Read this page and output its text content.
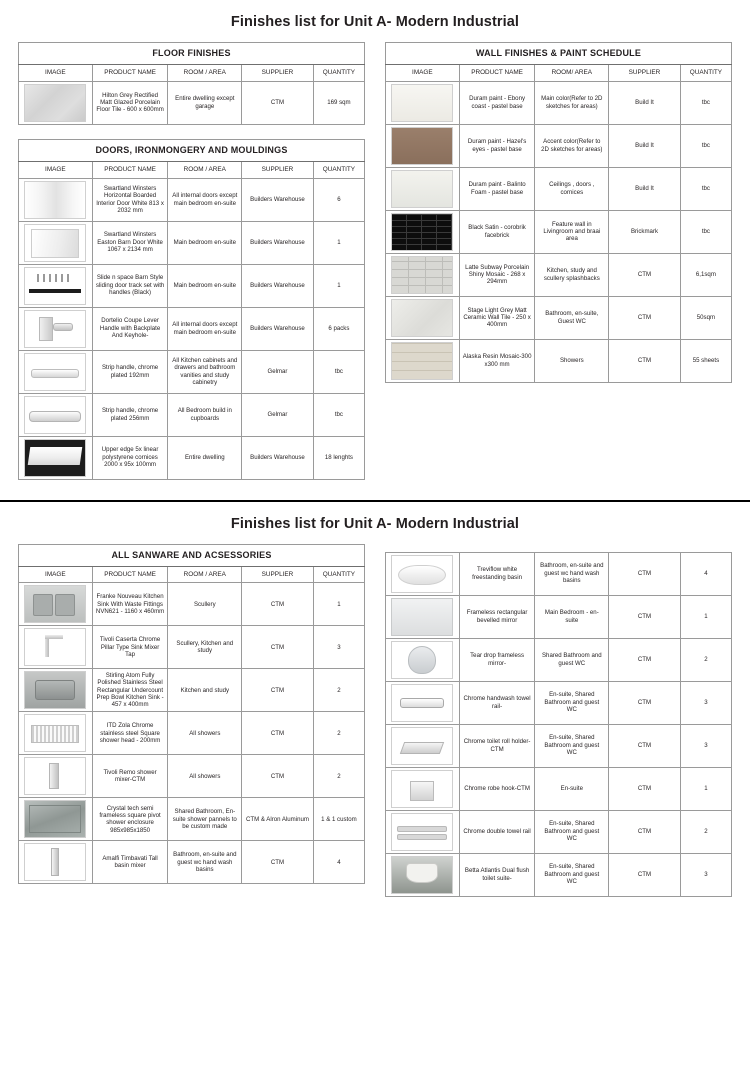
Finishes list for Unit A- Modern Industrial
FLOOR FINISHES				
IMAGE	PRODUCT NAME	ROOM / AREA	SUPPLIER	QUANTITY

	Hilton Grey Rectified Matt Glazed Porcelain Floor Tile - 600 x 600mm	Entire dwelling except garage	CTM	169 sqm
DOORS, IRONMONGERY AND MOULDINGS				
IMAGE	PRODUCT NAME	ROOM / AREA	SUPPLIER	QUANTITY

	Swartland Winsters Horizontal Boarded Interior Door White 813 x 2032 mm	All internal doors except main bedroom en-suite	Builders Warehouse	6

	Swartland Winsters Easton Barn Door White 1067 x 2134 mm	Main bedroom en-suite	Builders Warehouse	1

	Slide n space Barn Style sliding door track set with handles (Black)	Main bedroom en-suite	Builders Warehouse	1

	Dortelio Coupe Lever Handle with Backplate And Keyhole-	All internal doors except main bedroom en-suite	Builders Warehouse	6 packs

	Strip handle, chrome plated 192mm	All Kitchen cabinets and drawers and bathroom vanities and study cabinetry	Gelmar	tbc

	Strip handle, chrome plated 256mm	All Bedroom build in cupboards	Gelmar	tbc

	Upper edge 5x linear polystyrene cornices 2000 x 95x 100mm	Entire dwelling	Builders Warehouse	18 lenghts
WALL FINISHES & PAINT SCHEDULE				
IMAGE	PRODUCT NAME	ROOM/ AREA	SUPPLIER	QUANTITY

	Duram paint - Ebony coast - pastel base	Main color(Refer to 2D sketches for areas)	Build It	tbc

	Duram paint - Hazel's eyes - pastel base	Accent color(Refer to 2D sketches for areas)	Build It	tbc

	Duram paint - Balinto Foam - pastel base	Ceilings , doors , cornices	Build It	tbc

	Black Satin - corobrik facebrick	Feature wall in Livingroom and braai area	Brickmark	tbc

	Latte Subway Porcelain Shiny Mosaic - 268 x 294mm	Kitchen, study and scullery splashbacks	CTM	6,1sqm

	Stage Light Grey Matt Ceramic Wall Tile - 250 x 400mm	Bathroom, en-suite, Guest WC	CTM	50sqm

	Alaska Resin Mosaic-300 x300 mm	Showers	CTM	55 sheets
Finishes list for Unit A- Modern Industrial
ALL SANWARE AND ACSESSORIES				
IMAGE	PRODUCT NAME	ROOM / AREA	SUPPLIER	QUANTITY

	Franke Nouveau Kitchen Sink With Waste Fittings NVN621 - 1160 x 460mm	Scullery	CTM	1

	Tivoli Caserta Chrome Pillar Type Sink Mixer Tap	Scullery, Kitchen and study	CTM	3

	Stirling Atom Fully Polished Stainless Steel Rectangular Undercount Prep Bowl Kitchen Sink - 457 x 400mm	Kitchen and study	CTM	2

	ITD Zola Chrome stainless steel Square shower head - 200mm	All showers	CTM	2

	Tivoli Remo shower mixer-CTM	All showers	CTM	2

	Crystal tech semi frameless square pivot shower enclosure 985x985x1850	Shared Bathroom, En-suite shower pannels to be custom made	CTM & Alron Aluminum	1 & 1 custom

	Amalfi Timbavati Tall basin mixer	Bathroom, en-suite and guest wc hand wash basins	CTM	4
	Treviflow white freestanding basin	Bathroom, en-suite and guest wc hand wash basins	CTM	4

	Frameless rectangular bevelled mirror	Main Bedroom - en-suite	CTM	1

	Tear drop frameless mirror-	Shared Bathroom and guest WC	CTM	2

	Chrome handwash towel rail-	En-suite, Shared Bathroom and guest WC	CTM	3

	Chrome toilet roll holder-CTM	En-suite, Shared Bathroom and guest WC	CTM	3

	Chrome robe hook-CTM	En-suite	CTM	1

	Chrome double towel rail	En-suite, Shared Bathroom and guest WC	CTM	2

	Betta Atlantis Dual flush toilet suite-	En-suite, Shared Bathroom and guest WC	CTM	3
